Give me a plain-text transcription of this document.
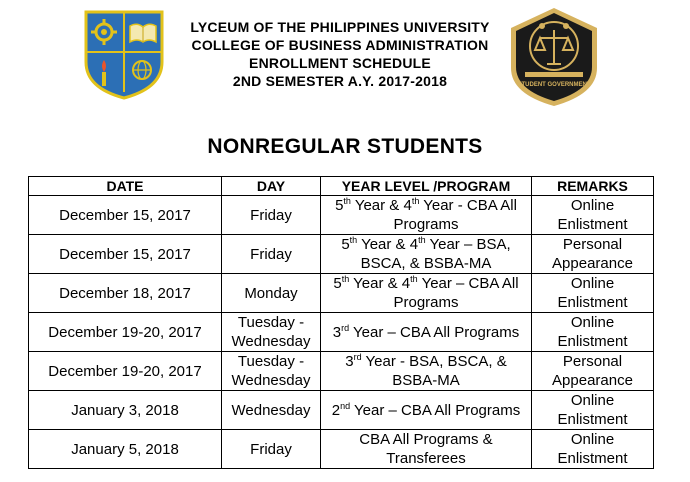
LYCEUM OF THE PHILIPPINES UNIVERSITY
COLLEGE OF BUSINESS ADMINISTRATION
ENROLLMENT SCHEDULE
2ND SEMESTER A.Y. 2017-2018	STUDENT GOVERNMENT
NONREGULAR STUDENTS
DATE	DAY	YEAR LEVEL /PROGRAM	REMARKS
December 15, 2017	Friday	5th Year & 4th Year - CBA All Programs	Online Enlistment
December 15, 2017	Friday	5th Year & 4th Year – BSA, BSCA, & BSBA-MA	Personal Appearance
December 18, 2017	Monday	5th Year & 4th Year – CBA All Programs	Online Enlistment
December 19-20, 2017	Tuesday - Wednesday	3rd Year – CBA All Programs	Online Enlistment
December 19-20, 2017	Tuesday - Wednesday	3rd Year - BSA, BSCA, & BSBA-MA	Personal Appearance
January 3, 2018	Wednesday	2nd Year – CBA All Programs	Online Enlistment
January 5, 2018	Friday	CBA All Programs & Transferees	Online Enlistment
